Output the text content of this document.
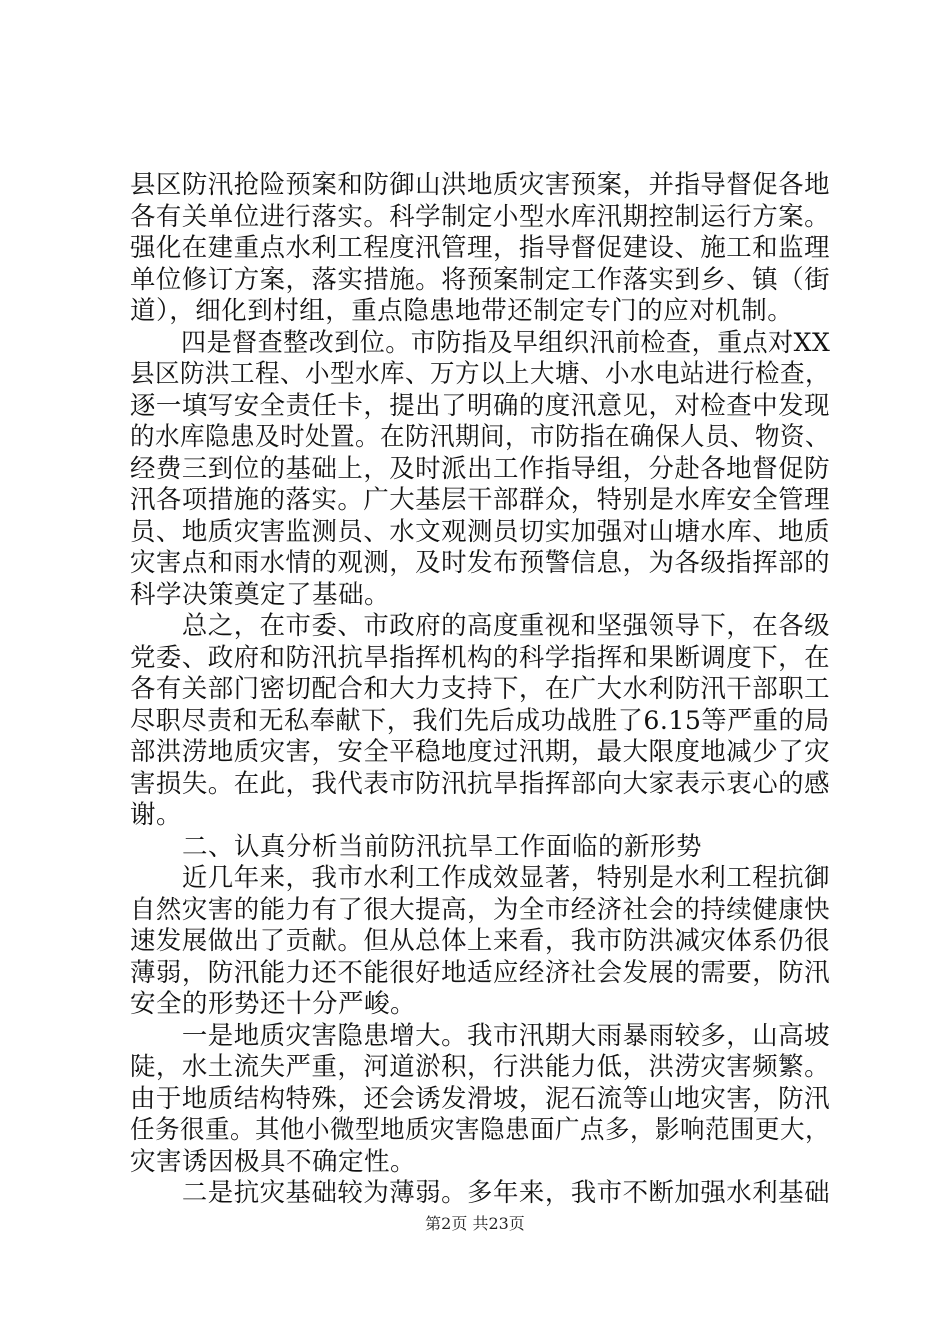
县区防汛抢险预案和防御山洪地质灾害预案，并指导督促各地
各有关单位进行落实。科学制定小型水库汛期控制运行方案。
强化在建重点水利工程度汛管理，指导督促建设、施工和监理
单位修订方案，落实措施。将预案制定工作落实到乡、镇（街
道），细化到村组，重点隐患地带还制定专门的应对机制。
　　四是督查整改到位。市防指及早组织汛前检查，重点对XX
县区防洪工程、小型水库、万方以上大塘、小水电站进行检查，
逐一填写安全责任卡，提出了明确的度汛意见，对检查中发现
的水库隐患及时处置。在防汛期间，市防指在确保人员、物资、
经费三到位的基础上，及时派出工作指导组，分赴各地督促防
汛各项措施的落实。广大基层干部群众，特别是水库安全管理
员、地质灾害监测员、水文观测员切实加强对山塘水库、地质
灾害点和雨水情的观测，及时发布预警信息，为各级指挥部的
科学决策奠定了基础。
　　总之，在市委、市政府的高度重视和坚强领导下，在各级
党委、政府和防汛抗旱指挥机构的科学指挥和果断调度下，在
各有关部门密切配合和大力支持下，在广大水利防汛干部职工
尽职尽责和无私奉献下，我们先后成功战胜了6.15等严重的局
部洪涝地质灾害，安全平稳地度过汛期，最大限度地减少了灾
害损失。在此，我代表市防汛抗旱指挥部向大家表示衷心的感
谢。
　　二、认真分析当前防汛抗旱工作面临的新形势
　　近几年来，我市水利工作成效显著，特别是水利工程抗御
自然灾害的能力有了很大提高，为全市经济社会的持续健康快
速发展做出了贡献。但从总体上来看，我市防洪减灾体系仍很
薄弱，防汛能力还不能很好地适应经济社会发展的需要，防汛
安全的形势还十分严峻。
　　一是地质灾害隐患增大。我市汛期大雨暴雨较多，山高坡
陡，水土流失严重，河道淤积，行洪能力低，洪涝灾害频繁。
由于地质结构特殊，还会诱发滑坡，泥石流等山地灾害，防汛
任务很重。其他小微型地质灾害隐患面广点多，影响范围更大，
灾害诱因极具不确定性。
　　二是抗灾基础较为薄弱。多年来，我市不断加强水利基础
第2页 共23页
